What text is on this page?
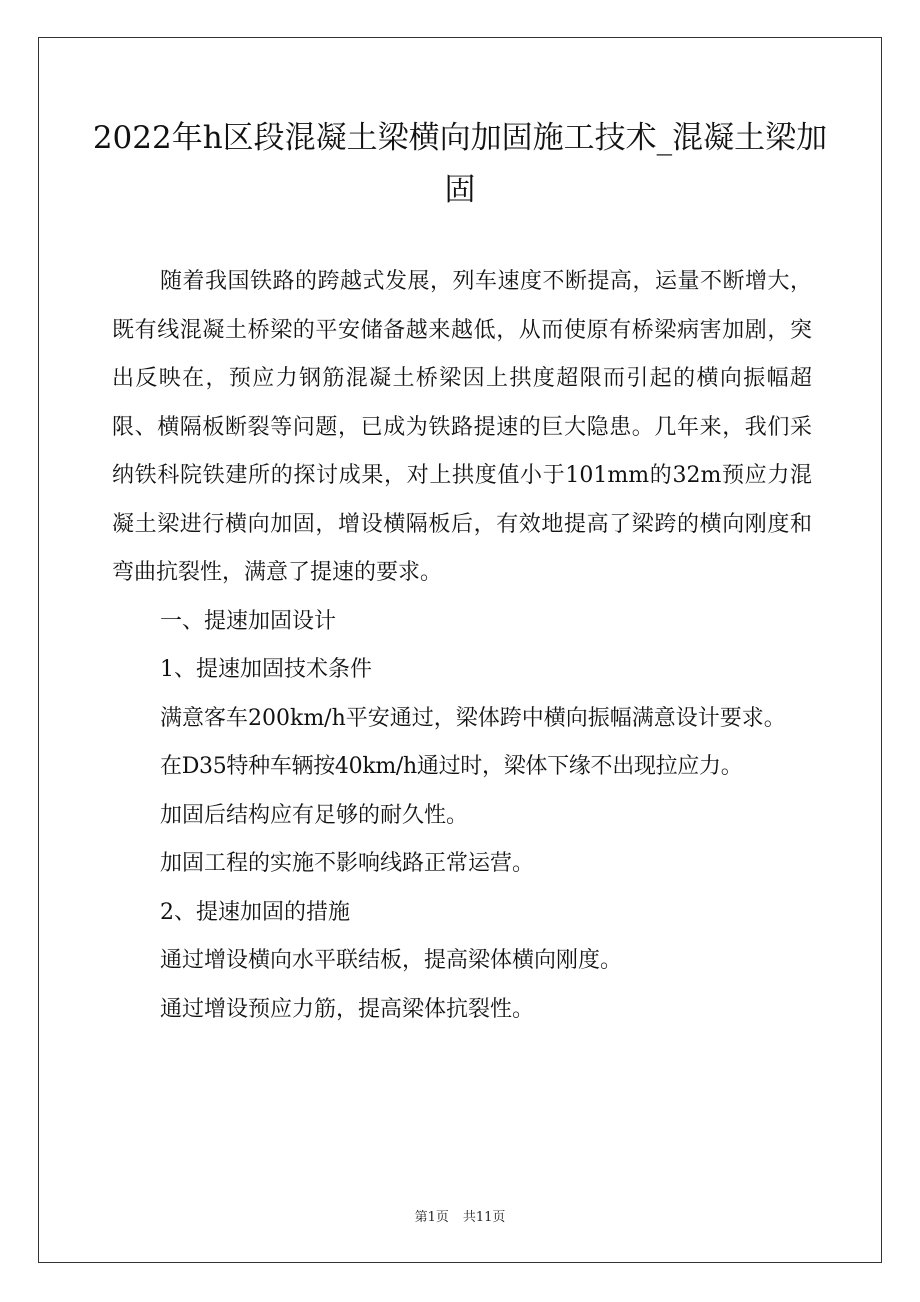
2022年h区段混凝土梁横向加固施工技术_混凝土梁加固

随着我国铁路的跨越式发展，列车速度不断提高，运量不断增大，既有线混凝土桥梁的平安储备越来越低，从而使原有桥梁病害加剧，突出反映在，预应力钢筋混凝土桥梁因上拱度超限而引起的横向振幅超限、横隔板断裂等问题，已成为铁路提速的巨大隐患。几年来，我们采纳铁科院铁建所的探讨成果，对上拱度值小于101mm的32m预应力混凝土梁进行横向加固，增设横隔板后，有效地提高了梁跨的横向刚度和弯曲抗裂性，满意了提速的要求。

一、提速加固设计

1、提速加固技术条件

满意客车200km/h平安通过，梁体跨中横向振幅满意设计要求。

在D35特种车辆按40km/h通过时，梁体下缘不出现拉应力。

加固后结构应有足够的耐久性。

加固工程的实施不影响线路正常运营。

2、提速加固的措施

通过增设横向水平联结板，提高梁体横向刚度。

通过增设预应力筋，提高梁体抗裂性。

第1页 共11页
